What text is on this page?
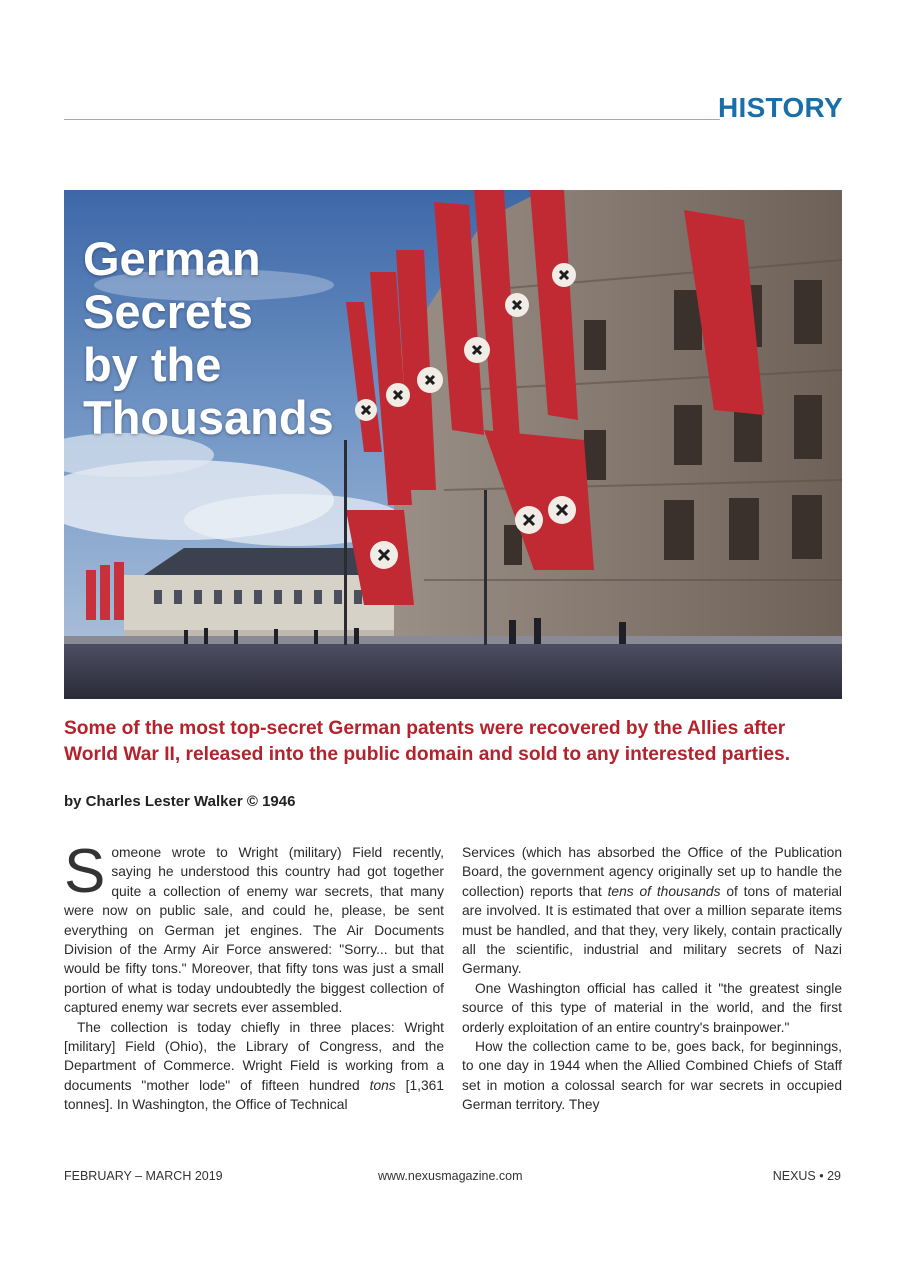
HISTORY
German
Secrets
by the
Thousands

Some of the most top-secret German patents were recovered by the Allies after World War II, released into the public domain and sold to any interested parties.

by Charles Lester Walker © 1946

Someone wrote to Wright (military) Field recently, saying he understood this country had got together quite a collection of enemy war secrets, that many were now on public sale, and could he, please, be sent everything on German jet engines. The Air Documents Division of the Army Air Force answered: "Sorry... but that would be fifty tons." Moreover, that fifty tons was just a small portion of what is today undoubtedly the biggest collection of captured enemy war secrets ever assembled.

The collection is today chiefly in three places: Wright [military] Field (Ohio), the Library of Congress, and the Department of Commerce. Wright Field is working from a documents "mother lode" of fifteen hundred tons [1,361 tonnes]. In Washington, the Office of Technical

Services (which has absorbed the Office of the Publication Board, the government agency originally set up to handle the collection) reports that tens of thousands of tons of material are involved. It is estimated that over a million separate items must be handled, and that they, very likely, contain practically all the scientific, industrial and military secrets of Nazi Germany.

One Washington official has called it "the greatest single source of this type of material in the world, and the first orderly exploitation of an entire country's brainpower."

How the collection came to be, goes back, for beginnings, to one day in 1944 when the Allied Combined Chiefs of Staff set in motion a colossal search for war secrets in occupied German territory. They

FEBRUARY – MARCH 2019	www.nexusmagazine.com	NEXUS • 29
